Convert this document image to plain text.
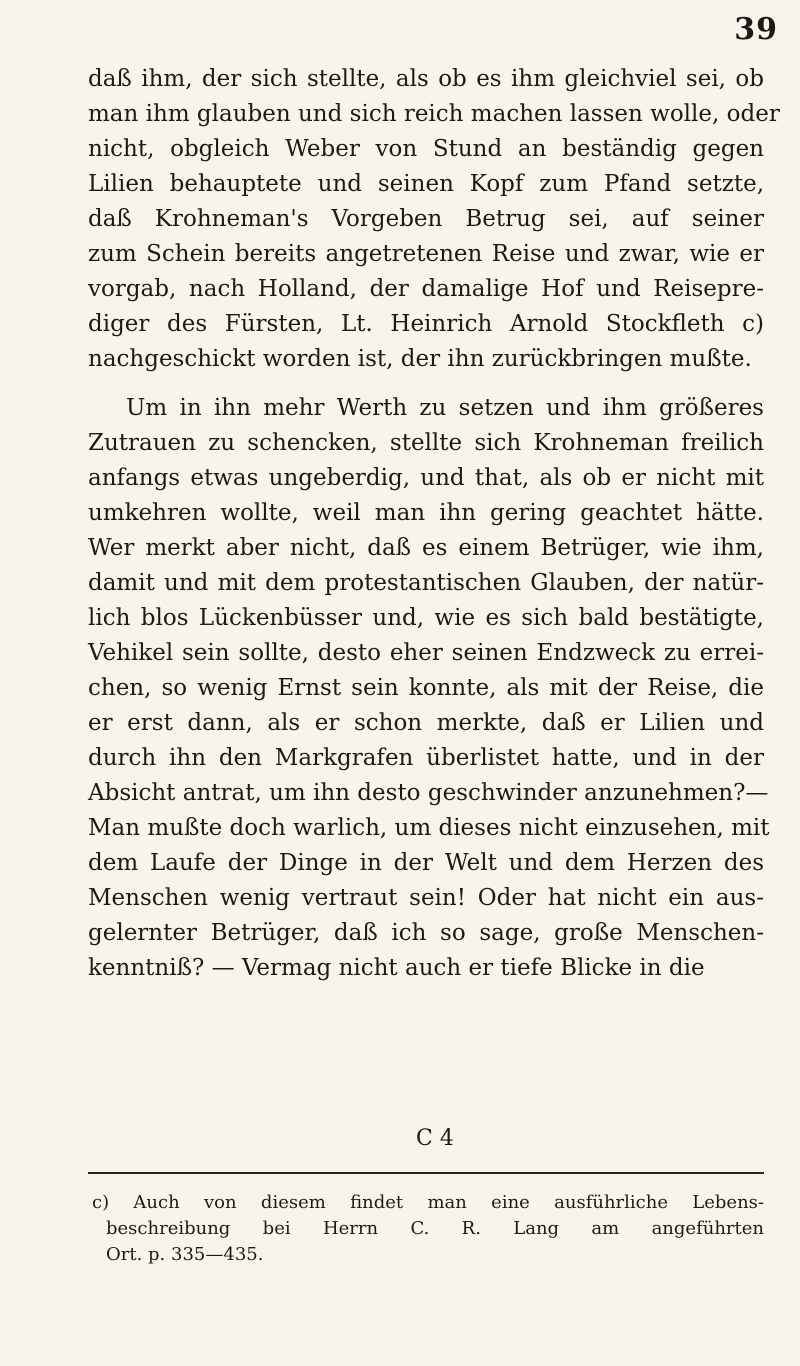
39
daß ihm, der sich stellte, als ob es ihm gleichviel sei, ob
man ihm glauben und sich reich machen lassen wolle, oder
nicht, obgleich Weber von Stund an beständig gegen
Lilien behauptete und seinen Kopf zum Pfand setzte,
daß Krohneman's Vorgeben Betrug sei, auf seiner
zum Schein bereits angetretenen Reise und zwar, wie er
vorgab, nach Holland, der damalige Hof und Reisepre-
diger des Fürsten, Lt. Heinrich Arnold Stockfleth c)
nachgeschickt worden ist, der ihn zurückbringen mußte.
Um in ihn mehr Werth zu setzen und ihm größeres
Zutrauen zu schencken, stellte sich Krohneman freilich
anfangs etwas ungeberdig, und that, als ob er nicht mit
umkehren wollte, weil man ihn gering geachtet hätte.
Wer merkt aber nicht, daß es einem Betrüger, wie ihm,
damit und mit dem protestantischen Glauben, der natür-
lich blos Lückenbüsser und, wie es sich bald bestätigte,
Vehikel sein sollte, desto eher seinen Endzweck zu errei-
chen, so wenig Ernst sein konnte, als mit der Reise, die
er erst dann, als er schon merkte, daß er Lilien und
durch ihn den Markgrafen überlistet hatte, und in der
Absicht antrat, um ihn desto geschwinder anzunehmen?—
Man mußte doch warlich, um dieses nicht einzusehen, mit
dem Laufe der Dinge in der Welt und dem Herzen des
Menschen wenig vertraut sein! Oder hat nicht ein aus-
gelernter Betrüger, daß ich so sage, große Menschen-
kenntniß? — Vermag nicht auch er tiefe Blicke in die
C 4
c) Auch von diesem findet man eine ausführliche Lebens-
beschreibung bei Herrn C. R. Lang am angeführten
Ort. p. 335—435.
